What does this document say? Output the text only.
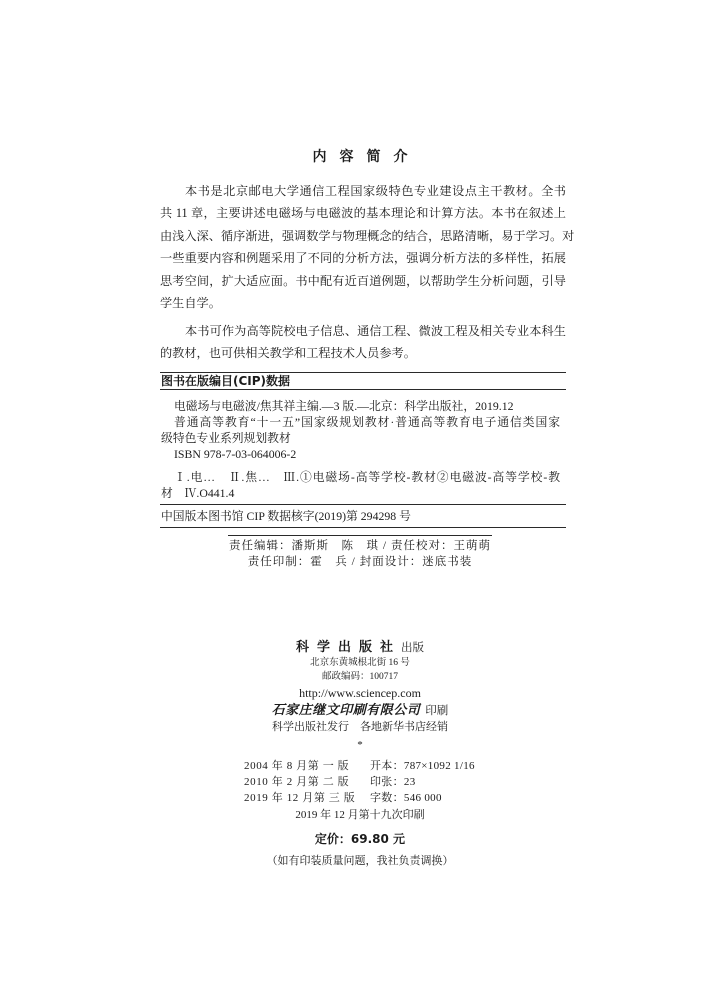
内容简介
本书是北京邮电大学通信工程国家级特色专业建设点主干教材。全书
共 11 章，主要讲述电磁场与电磁波的基本理论和计算方法。本书在叙述上
由浅入深、循序渐进，强调数学与物理概念的结合，思路清晰，易于学习。对
一些重要内容和例题采用了不同的分析方法，强调分析方法的多样性，拓展
思考空间，扩大适应面。书中配有近百道例题，以帮助学生分析问题，引导
学生自学。
本书可作为高等院校电子信息、通信工程、微波工程及相关专业本科生
的教材，也可供相关教学和工程技术人员参考。
图书在版编目(CIP)数据
电磁场与电磁波/焦其祥主编.—3 版.—北京：科学出版社，2019.12
普通高等教育“十一五”国家级规划教材·普通高等教育电子通信类国家
级特色专业系列规划教材
ISBN 978-7-03-064006-2
Ⅰ.电…　Ⅱ.焦…　Ⅲ.①电磁场-高等学校-教材②电磁波-高等学校-教
材　Ⅳ.O441.4
中国版本图书馆 CIP 数据核字(2019)第 294298 号
责任编辑：潘斯斯　陈　琪 / 责任校对：王萌萌
责任印制：霍　兵 / 封面设计：迷底书装
科学出版社出版
北京东黄城根北街 16 号
邮政编码：100717
http://www.sciencep.com
石家庄继文印刷有限公司 印刷
科学出版社发行　各地新华书店经销
*
2004 年 8 月第 一 版 开本：787×1092 1/16
2010 年 2 月第 二 版 印张：23
2019 年 12 月第 三 版 字数：546 000
2019 年 12 月第十九次印刷
定价：69.80 元
（如有印装质量问题，我社负责调换）
